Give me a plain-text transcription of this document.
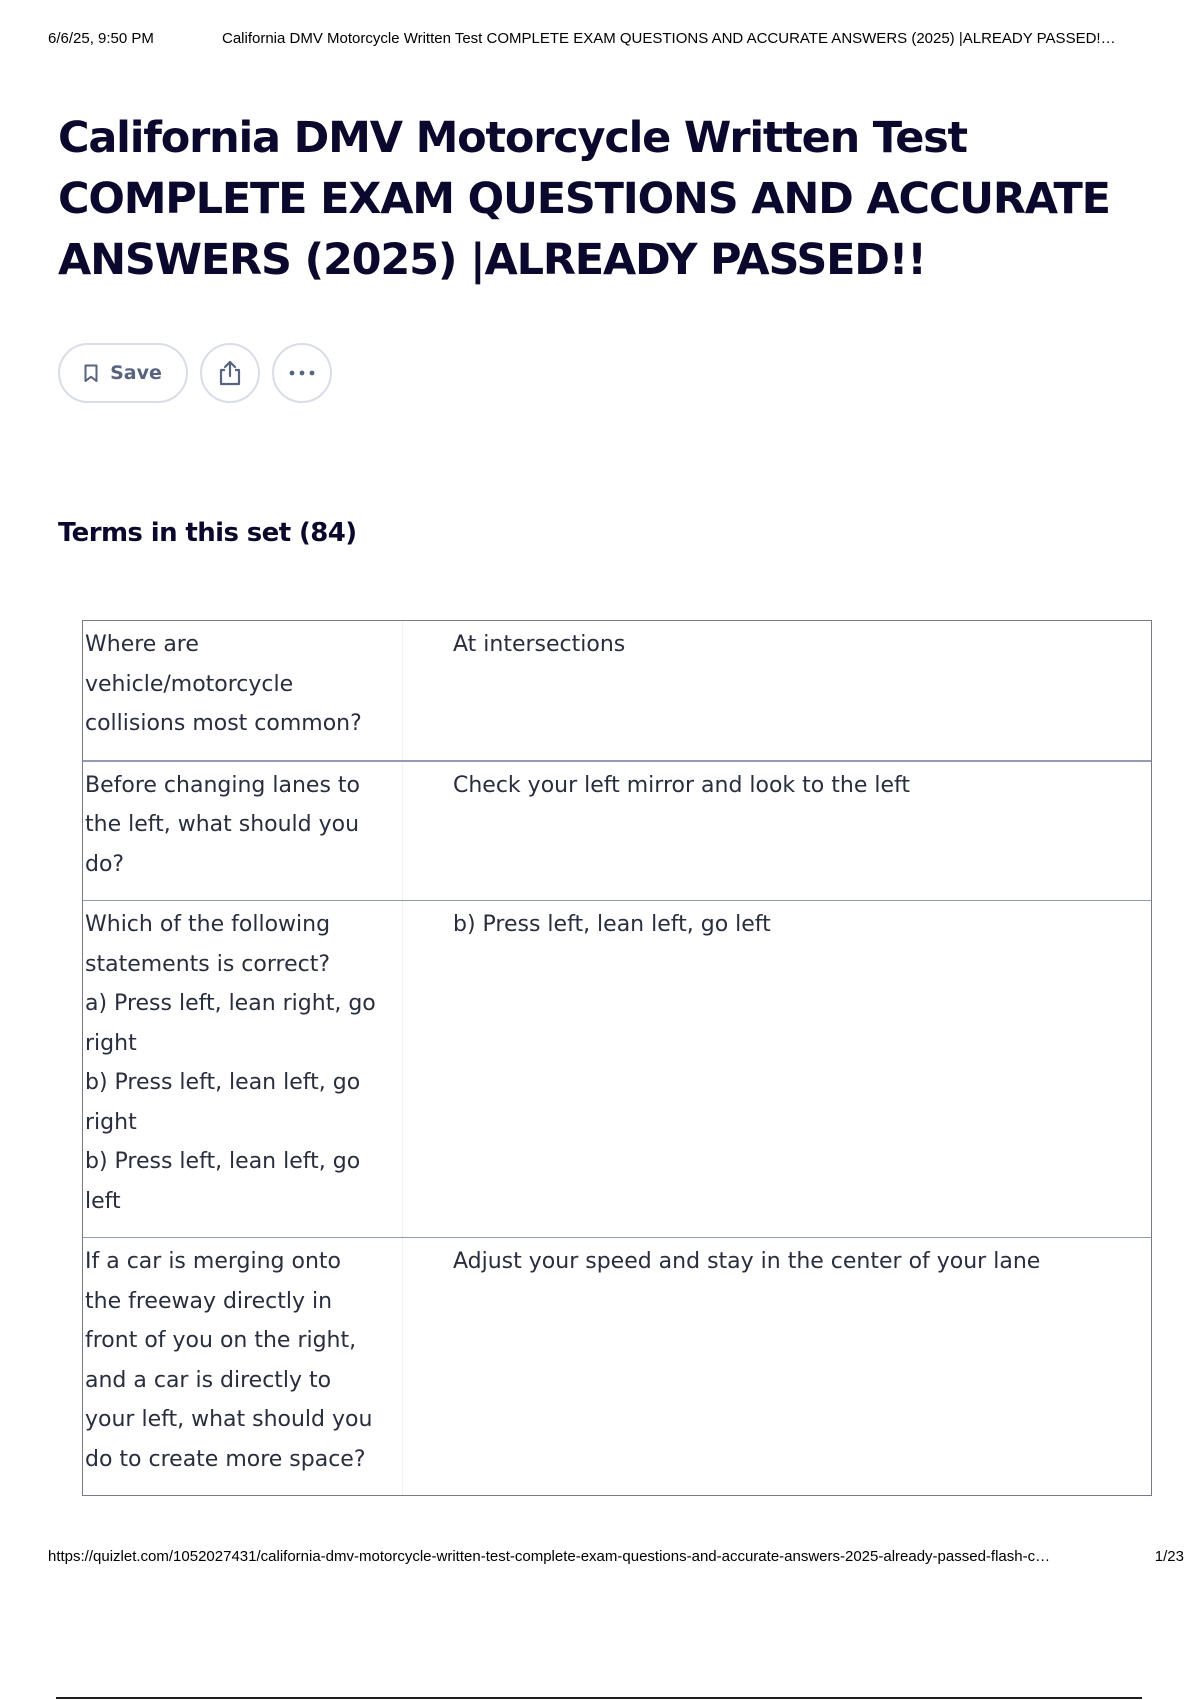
6/6/25, 9:50 PM	California DMV Motorcycle Written Test COMPLETE EXAM QUESTIONS AND ACCURATE ANSWERS (2025) |ALREADY PASSED!…
California DMV Motorcycle Written Test COMPLETE EXAM QUESTIONS AND ACCURATE ANSWERS (2025) |ALREADY PASSED!!
Save
Terms in this set (84)
Where are vehicle/motorcycle collisions most common?
At intersections
Before changing lanes to the left, what should you do?
Check your left mirror and look to the left
Which of the following statements is correct?
a) Press left, lean right, go right
b) Press left, lean left, go right
b) Press left, lean left, go left
b) Press left, lean left, go left
If a car is merging onto the freeway directly in front of you on the right, and a car is directly to your left, what should you do to create more space?
Adjust your speed and stay in the center of your lane
https://quizlet.com/1052027431/california-dmv-motorcycle-written-test-complete-exam-questions-and-accurate-answers-2025-already-passed-flash-c…	1/23
